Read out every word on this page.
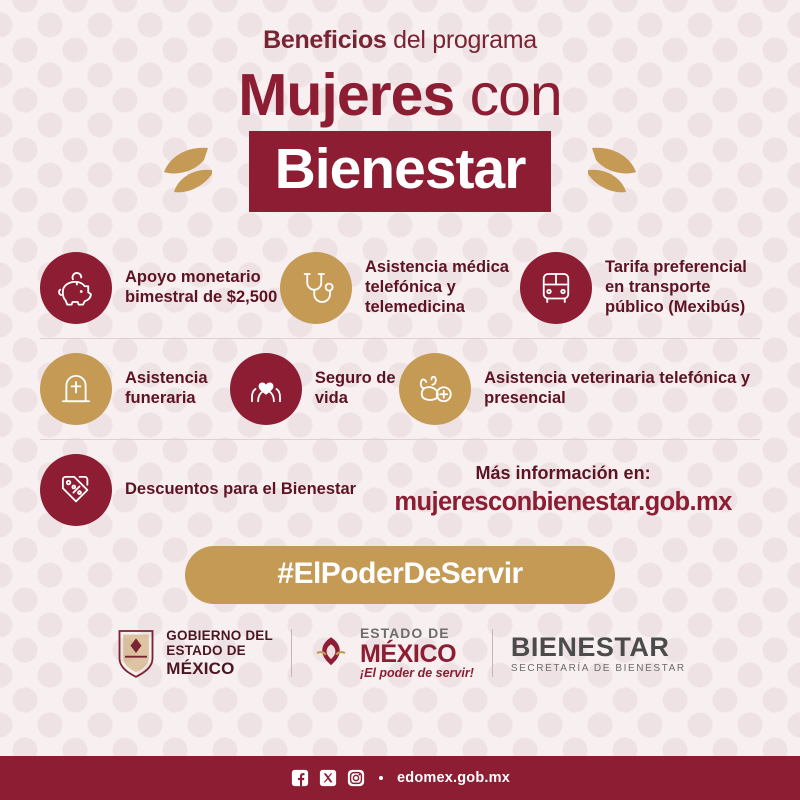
Beneficios del programa
Mujeres con
Bienestar
Apoyo monetario bimestral de $2,500
Asistencia médica telefónica y telemedicina
Tarifa preferencial en transporte público (Mexibús)
Asistencia funeraria
Seguro de vida
Asistencia veterinaria telefónica y presencial
Descuentos para el Bienestar
Más información en:
mujeresconbienestar.gob.mx
#ElPoderDeServir
GOBIERNO DEL
ESTADO DE
MÉXICO
ESTADO DE
MÉXICO
¡El poder de servir!
BIENESTAR
SECRETARÍA DE BIENESTAR
edomex.gob.mx
